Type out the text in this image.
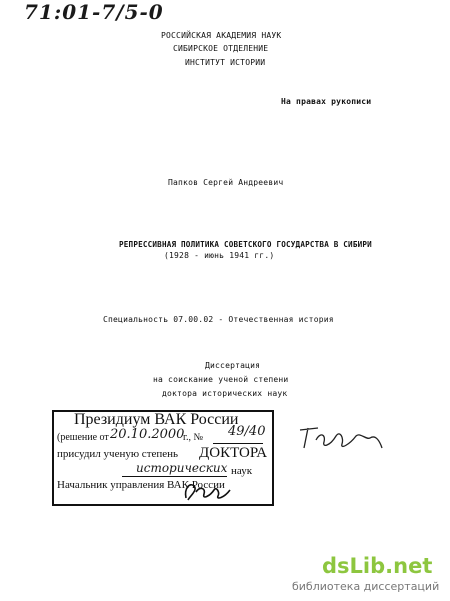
71:01-7/5-0
РОССИЙСКАЯ АКАДЕМИЯ НАУК
СИБИРСКОЕ ОТДЕЛЕНИЕ
ИНСТИТУТ ИСТОРИИ
На правах рукописи
Папков Сергей Андреевич
РЕПРЕССИВНАЯ ПОЛИТИКА СОВЕТСКОГО ГОСУДАРСТВА В СИБИРИ
(1928 - июнь 1941 гг.)
Специальность 07.00.02 - Отечественная история
Диссертация
на соискание ученой степени
доктора исторических наук
Президиум ВАК России
(решение от 20.10.2000
г., № 49/40
присудил ученую степень ДОКТОРА
исторических наук
Начальник управления ВАК России
dsLib.net
библиотека диссертаций
